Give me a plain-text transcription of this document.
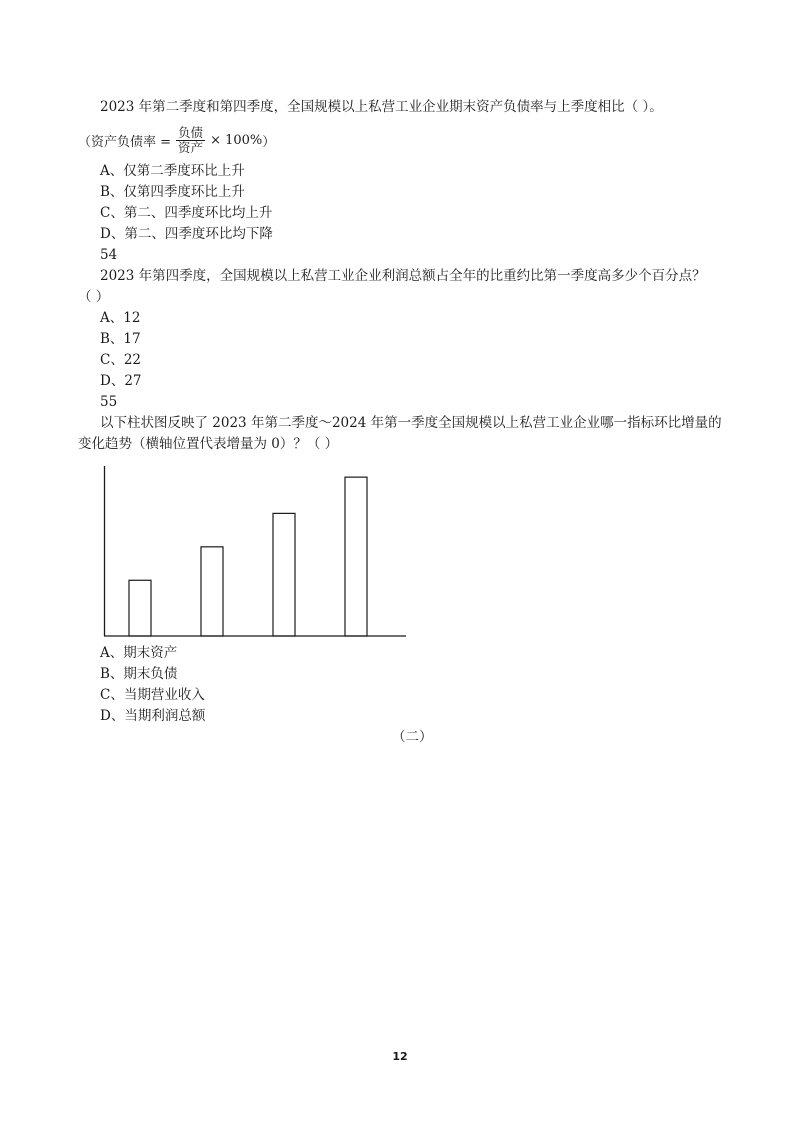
2023 年第二季度和第四季度，全国规模以上私营工业企业期末资产负债率与上季度相比（ ）。
（ 资产负债率 = $\frac{\text{负债}}{\text{资产}} \times 100\%$ ）
A、仅第二季度环比上升
B、仅第四季度环比上升
C、第二、四季度环比均上升
D、第二、四季度环比均下降
54
2023 年第四季度，全国规模以上私营工业企业利润总额占全年的比重约比第一季度高多少个百分点？
（ ）
A、12
B、17
C、22
D、27
55
以下柱状图反映了 2023 年第二季度～2024 年第一季度全国规模以上私营工业企业哪一指标环比增量的
变化趋势（横轴位置代表增量为 0）？（ ）
A、期末资产
B、期末负债
C、当期营业收入
D、当期利润总额
（二）
12
